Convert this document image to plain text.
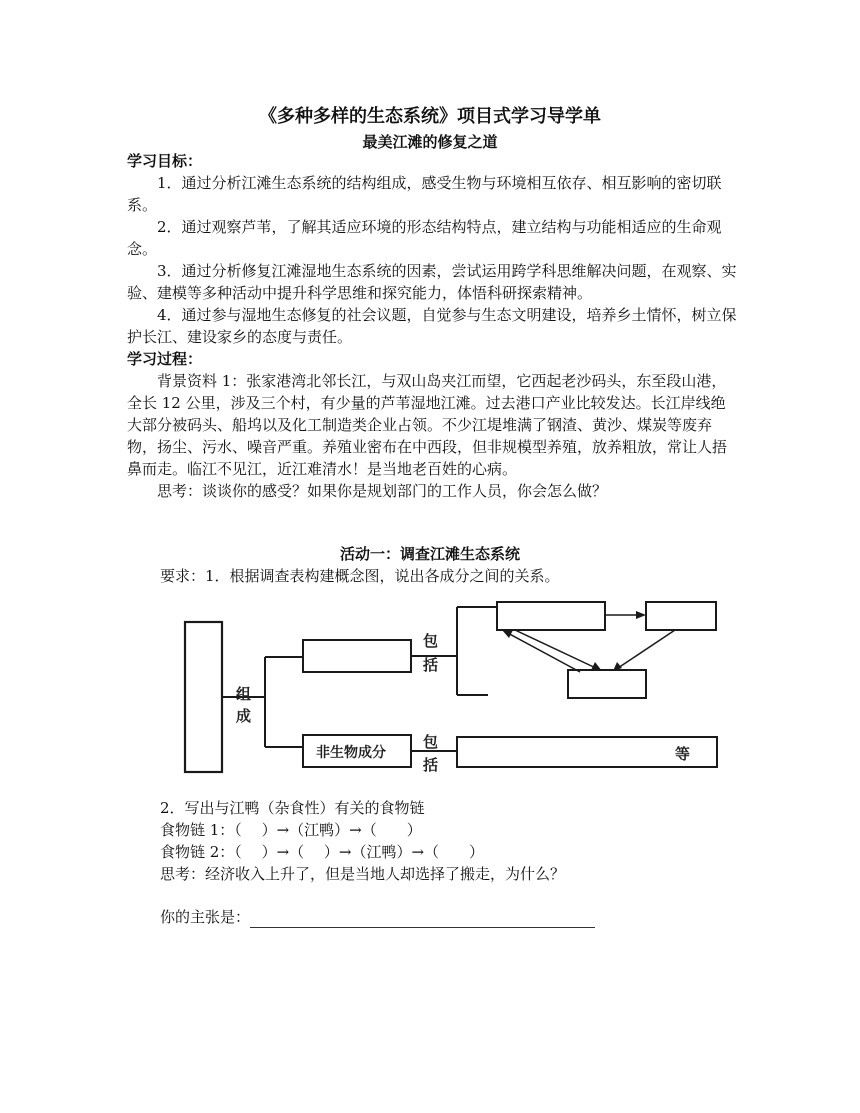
《多种多样的生态系统》项目式学习导学单
最美江滩的修复之道
学习目标：
1．通过分析江滩生态系统的结构组成，感受生物与环境相互依存、相互影响的密切联系。
2．通过观察芦苇，了解其适应环境的形态结构特点，建立结构与功能相适应的生命观念。
3．通过分析修复江滩湿地生态系统的因素，尝试运用跨学科思维解决问题，在观察、实验、建模等多种活动中提升科学思维和探究能力，体悟科研探索精神。
4．通过参与湿地生态修复的社会议题，自觉参与生态文明建设，培养乡土情怀，树立保护长江、建设家乡的态度与责任。
学习过程：
背景资料 1：张家港湾北邻长江，与双山岛夹江而望，它西起老沙码头，东至段山港，全长 12 公里，涉及三个村，有少量的芦苇湿地江滩。过去港口产业比较发达。长江岸线绝大部分被码头、船坞以及化工制造类企业占领。不少江堤堆满了钢渣、黄沙、煤炭等废弃物，扬尘、污水、噪音严重。养殖业密布在中西段，但非规模型养殖，放养粗放，常让人捂鼻而走。临江不见江，近江难清水！是当地老百姓的心病。
思考：谈谈你的感受？如果你是规划部门的工作人员，你会怎么做？
活动一：调查江滩生态系统
要求：1．根据调查表构建概念图，说出各成分之间的关系。
组
成
包
括
包
括
非生物成分	等
2．写出与江鸭（杂食性）有关的食物链
食物链 1：（　 ）→（江鸭）→（　　）
食物链 2：（　 ）→（　 ）→（江鸭）→（　　）
思考：经济收入上升了，但是当地人却选择了搬走，为什么？
你的主张是：
